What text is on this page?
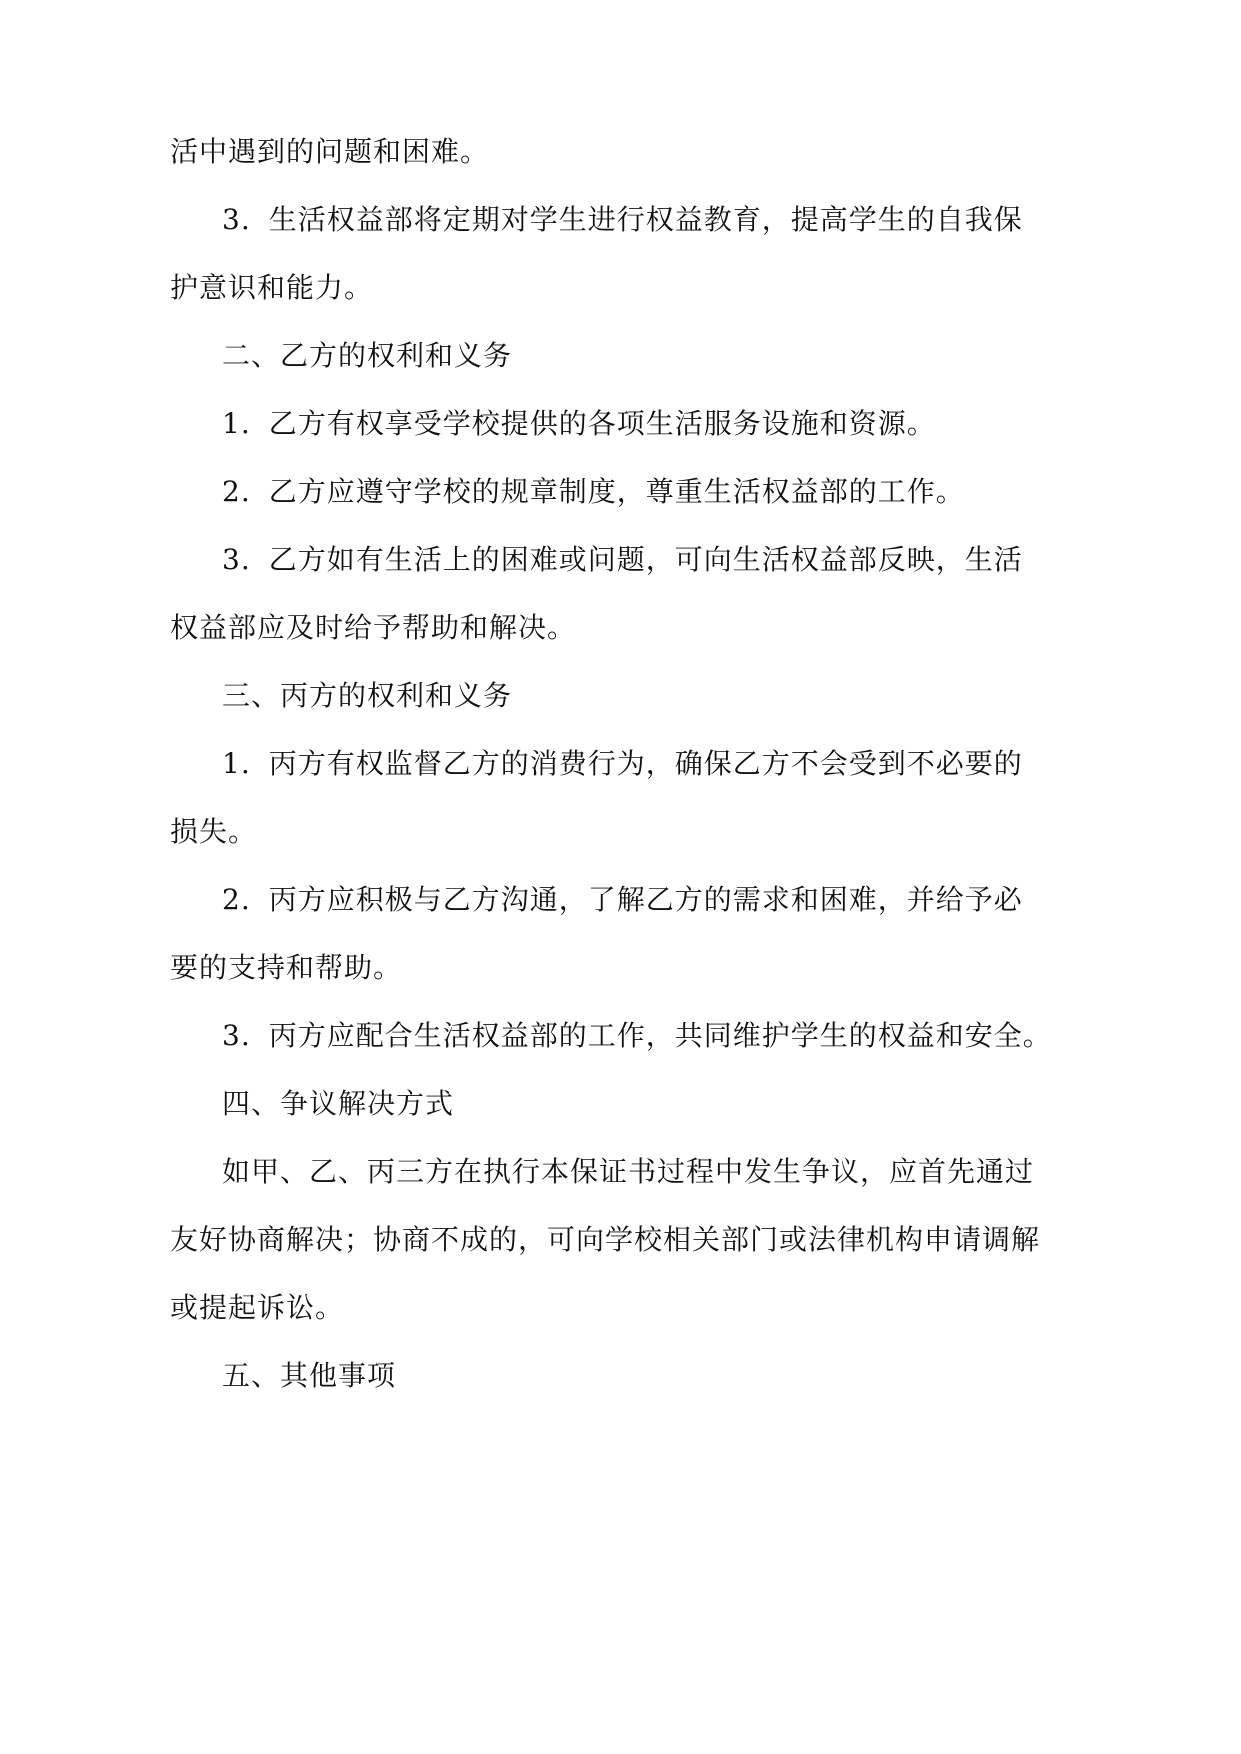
活中遇到的问题和困难。

3. 生活权益部将定期对学生进行权益教育，提高学生的自我保

护意识和能力。

二、乙方的权利和义务

1. 乙方有权享受学校提供的各项生活服务设施和资源。

2. 乙方应遵守学校的规章制度，尊重生活权益部的工作。

3. 乙方如有生活上的困难或问题，可向生活权益部反映，生活

权益部应及时给予帮助和解决。

三、丙方的权利和义务

1. 丙方有权监督乙方的消费行为，确保乙方不会受到不必要的

损失。

2. 丙方应积极与乙方沟通，了解乙方的需求和困难，并给予必

要的支持和帮助。

3. 丙方应配合生活权益部的工作，共同维护学生的权益和安全。

四、争议解决方式

如甲、乙、丙三方在执行本保证书过程中发生争议，应首先通过

友好协商解决；协商不成的，可向学校相关部门或法律机构申请调解

或提起诉讼。

五、其他事项
